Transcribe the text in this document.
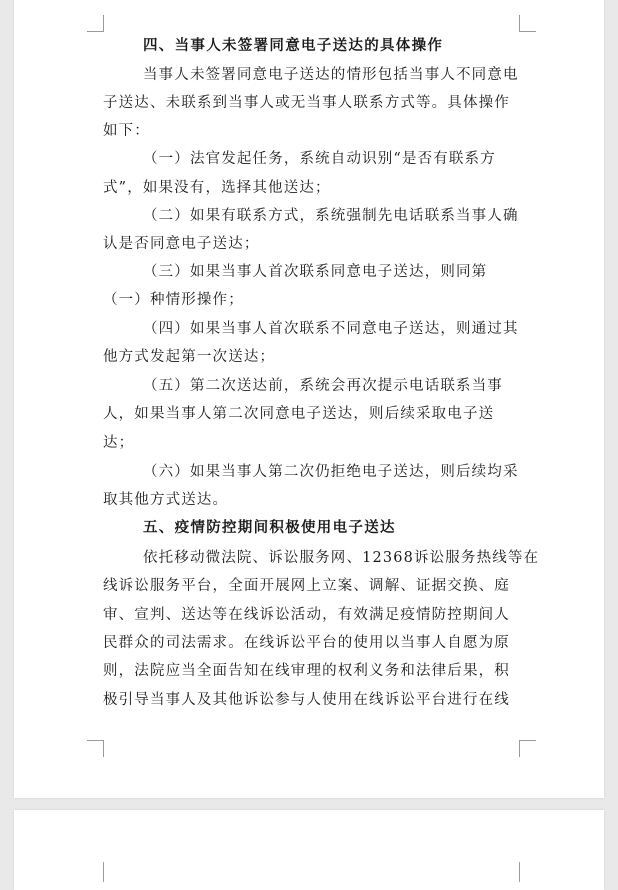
四、当事人未签署同意电子送达的具体操作
当事人未签署同意电子送达的情形包括当事人不同意电
子送达、未联系到当事人或无当事人联系方式等。具体操作
如下：
（一）法官发起任务，系统自动识别“是否有联系方
式”，如果没有，选择其他送达；
（二）如果有联系方式，系统强制先电话联系当事人确
认是否同意电子送达；
（三）如果当事人首次联系同意电子送达，则同第
（一）种情形操作；
（四）如果当事人首次联系不同意电子送达，则通过其
他方式发起第一次送达；
（五）第二次送达前，系统会再次提示电话联系当事
人，如果当事人第二次同意电子送达，则后续采取电子送
达；
（六）如果当事人第二次仍拒绝电子送达，则后续均采
取其他方式送达。
五、疫情防控期间积极使用电子送达
依托移动微法院、诉讼服务网、12368诉讼服务热线等在
线诉讼服务平台，全面开展网上立案、调解、证据交换、庭
审、宣判、送达等在线诉讼活动，有效满足疫情防控期间人
民群众的司法需求。在线诉讼平台的使用以当事人自愿为原
则，法院应当全面告知在线审理的权利义务和法律后果，积
极引导当事人及其他诉讼参与人使用在线诉讼平台进行在线
